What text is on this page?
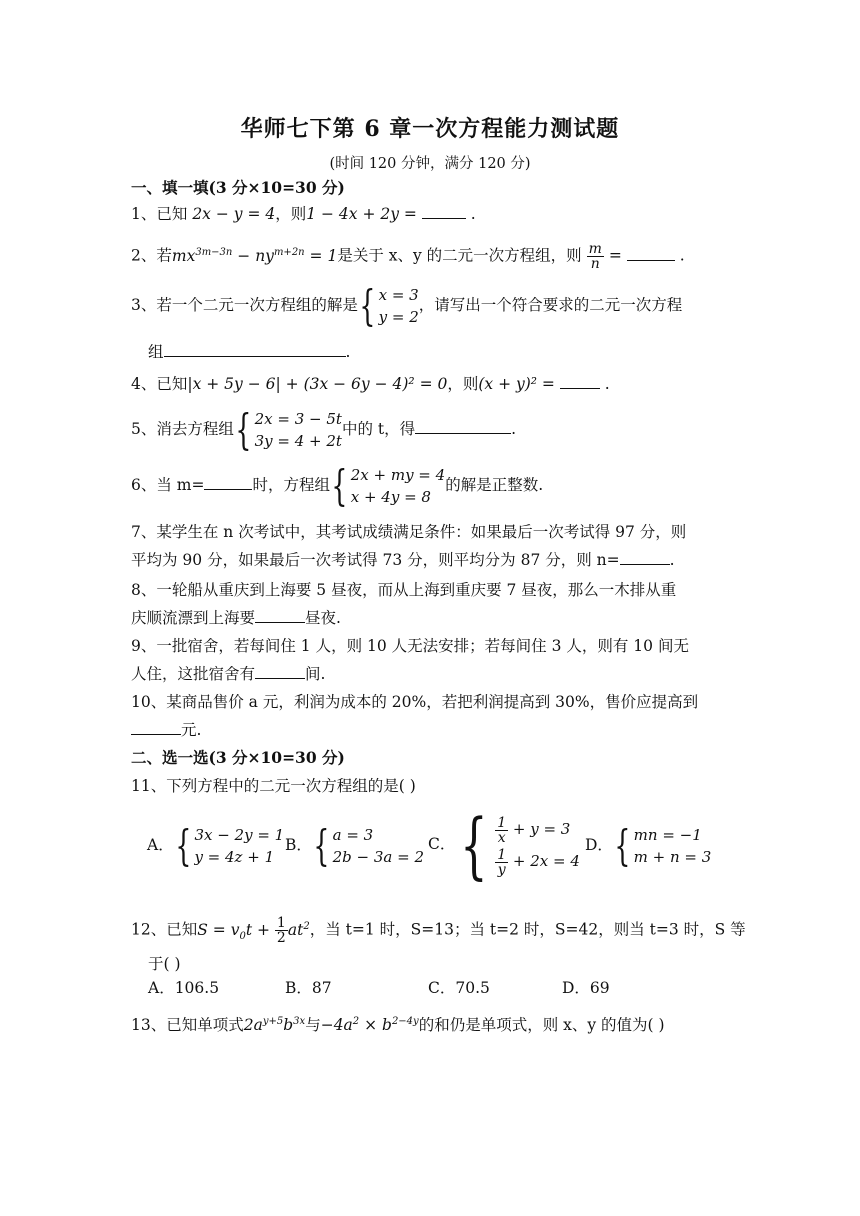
华师七下第 6 章一次方程能力测试题
(时间 120 分钟，满分 120 分)
一、填一填(3 分×10=30 分)
1、已知 2x − y = 4，则1 − 4x + 2y =	.
2、若$mx^{3m-3n} - ny^{m+2n} = 1$是关于 x、y 的二元一次方程组，则 $\frac{m}{n}$ =	.
3、若一个二元一次方程组的解是{ x = 3
y = 2
，请写出一个符合要求的二元一次方程
组	.
4、已知|x + 5y − 6| + (3x − 6y − 4)² = 0，则(x + y)² =	.
5、消去方程组{ 2x = 3 − 5t
3y = 4 + 2t
中的 t，得	.
6、当 m=	时，方程组{ 2x + my = 4
x + 4y = 8
的解是正整数.
7、某学生在 n 次考试中，其考试成绩满足条件：如果最后一次考试得 97 分，则
平均为 90 分，如果最后一次考试得 73 分，则平均分为 87 分，则 n=	.
8、一轮船从重庆到上海要 5 昼夜，而从上海到重庆要 7 昼夜，那么一木排从重
庆顺流漂到上海要	昼夜.
9、一批宿舍，若每间住 1 人，则 10 人无法安排；若每间住 3 人，则有 10 间无
人住，这批宿舍有	间.
10、某商品售价 a 元，利润为成本的 20%，若把利润提高到 30%，售价应提高到
元.
二、选一选(3 分×10=30 分)
11、下列方程中的二元一次方程组的是( )
A．{ 3x − 2y = 1
y = 4z + 1
B．{ a = 3
2b − 3a = 2
C．{ $\frac{1}{x} + y = 3$
$\frac{1}{y} + 2x = 4$
D．{ mn = −1
m + n = 3
12、已知$S = v_0t + \frac{1}{2} at^2$，当 t=1 时，S=13；当 t=2 时，S=42，则当 t=3 时，S 等
于( )
A．106.5	B．87	C．70.5	D．69
13、已知单项式$2a^{y+5}b^{3x}$与$-4a^2 \times b^{2-4y}$的和仍是单项式，则 x、y 的值为( )
